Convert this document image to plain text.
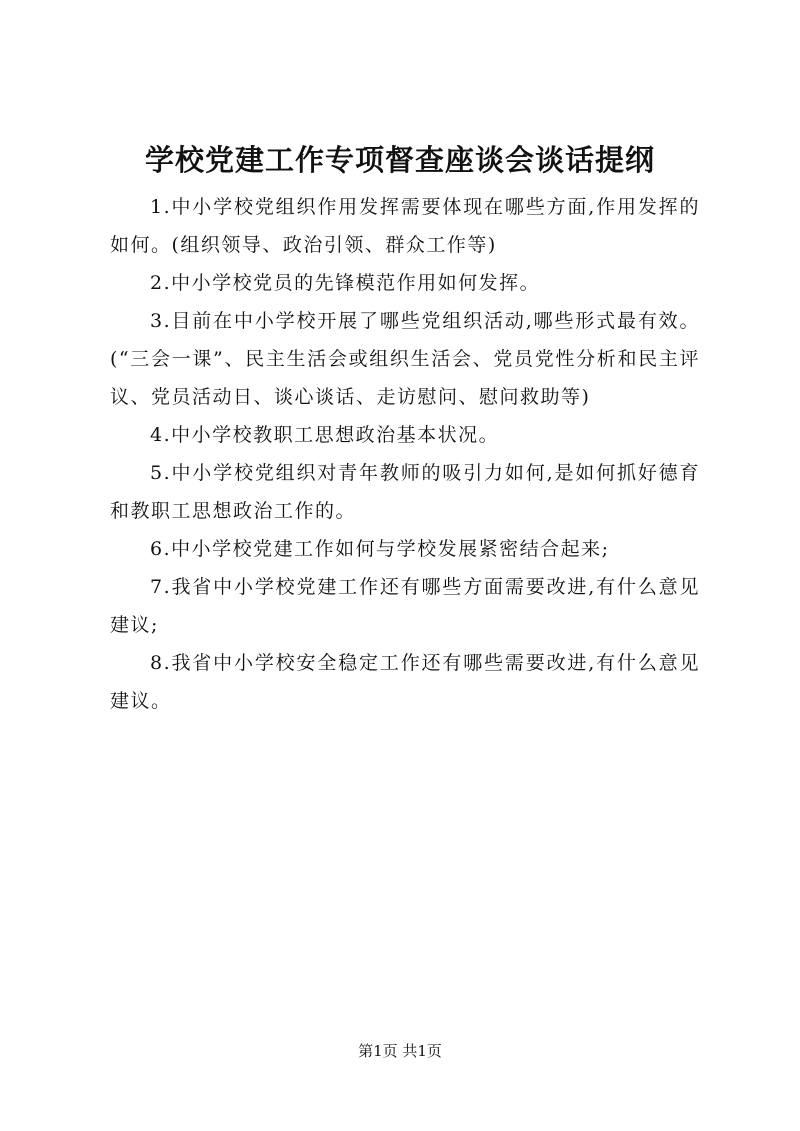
学校党建工作专项督查座谈会谈话提纲

1.中小学校党组织作用发挥需要体现在哪些方面,作用发挥的如何。(组织领导、政治引领、群众工作等)

2.中小学校党员的先锋模范作用如何发挥。

3.目前在中小学校开展了哪些党组织活动,哪些形式最有效。(“三会一课”、民主生活会或组织生活会、党员党性分析和民主评议、党员活动日、谈心谈话、走访慰问、慰问救助等)

4.中小学校教职工思想政治基本状况。

5.中小学校党组织对青年教师的吸引力如何,是如何抓好德育和教职工思想政治工作的。

6.中小学校党建工作如何与学校发展紧密结合起来;

7.我省中小学校党建工作还有哪些方面需要改进,有什么意见建议;

8.我省中小学校安全稳定工作还有哪些需要改进,有什么意见建议。

第1页 共1页
